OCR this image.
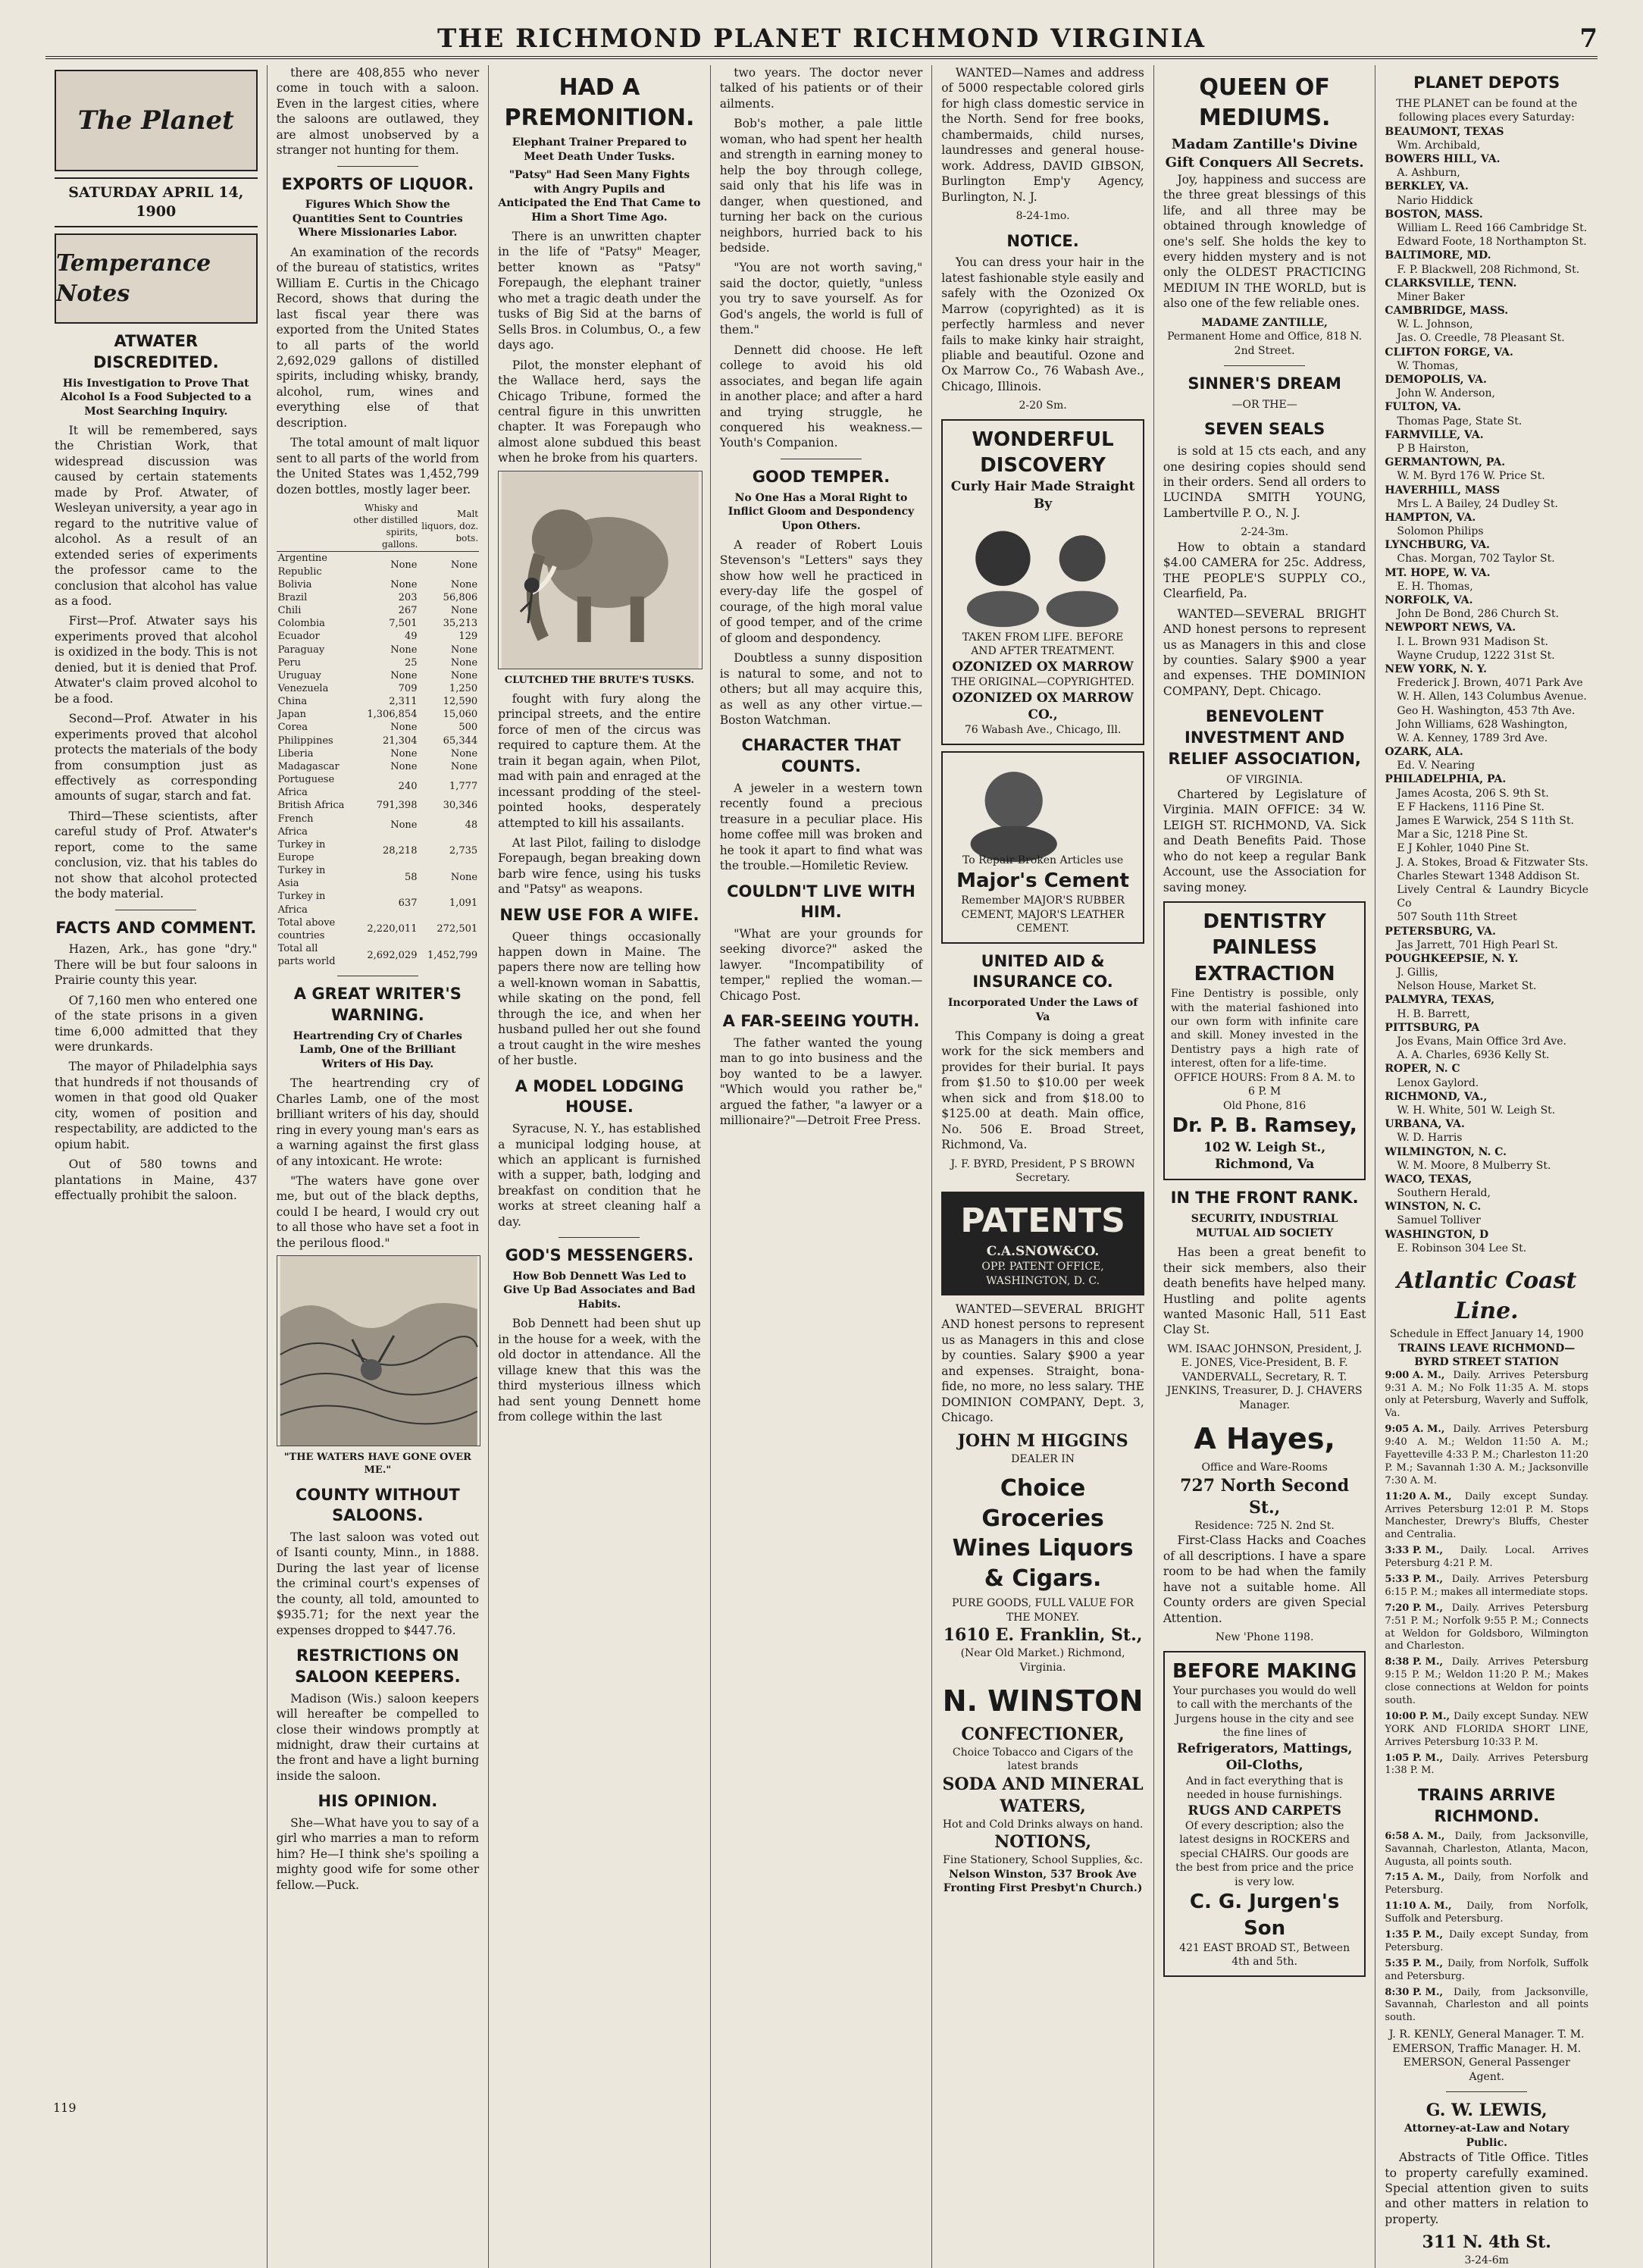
THE RICHMOND PLANET RICHMOND VIRGINIA	7
The Planet
SATURDAY APRIL 14, 1900
Temperance Notes
ATWATER DISCREDITED.
His Investigation to Prove That Alcohol Is a Food Subjected to a Most Searching Inquiry.

It will be remembered, says the Christian Work, that widespread discussion was caused by certain statements made by Prof. Atwater, of Wesleyan university, a year ago in regard to the nutritive value of alcohol. As a result of an extended series of experiments the professor came to the conclusion that alcohol has value as a food.

First—Prof. Atwater says his experiments proved that alcohol is oxidized in the body. This is not denied, but it is denied that Prof. Atwater's claim proved alcohol to be a food.

Second—Prof. Atwater in his experiments proved that alcohol protects the materials of the body from consumption just as effectively as corresponding amounts of sugar, starch and fat.

Third—These scientists, after careful study of Prof. Atwater's report, come to the same conclusion, viz. that his tables do not show that alcohol protected the body material.

FACTS AND COMMENT.

Hazen, Ark., has gone "dry." There will be but four saloons in Prairie county this year.

Of 7,160 men who entered one of the state prisons in a given time 6,000 admitted that they were drunkards.

The mayor of Philadelphia says that hundreds if not thousands of women in that good old Quaker city, women of position and respectability, are addicted to the opium habit.

Out of 580 towns and plantations in Maine, 437 effectually prohibit the saloon.

there are 408,855 who never come in touch with a saloon. Even in the largest cities, where the saloons are outlawed, they are almost unobserved by a stranger not hunting for them.

EXPORTS OF LIQUOR.
Figures Which Show the Quantities Sent to Countries Where Missionaries Labor.

An examination of the records of the bureau of statistics, writes William E. Curtis in the Chicago Record, shows that during the last fiscal year there was exported from the United States to all parts of the world 2,692,029 gallons of distilled spirits, including whisky, brandy, alcohol, rum, wines and everything else of that description.

The total amount of malt liquor sent to all parts of the world from the United States was 1,452,799 dozen bottles, mostly lager beer.

	Whisky and other distilled spirits, gallons.	Malt liquors, doz. bots.
Argentine Republic	None	None
Bolivia	None	None
Brazil	203	56,806
Chili	267	None
Colombia	7,501	35,213
Ecuador	49	129
Paraguay	None	None
Peru	25	None
Uruguay	None	None
Venezuela	709	1,250
China	2,311	12,590
Japan	1,306,854	15,060
Corea	None	500
Philippines	21,304	65,344
Liberia	None	None
Madagascar	None	None
Portuguese Africa	240	1,777
British Africa	791,398	30,346
French Africa	None	48
Turkey in Europe	28,218	2,735
Turkey in Asia	58	None
Turkey in Africa	637	1,091
Total above countries	2,220,011	272,501
Total all parts world	2,692,029	1,452,799
A GREAT WRITER'S WARNING.
Heartrending Cry of Charles Lamb, One of the Brilliant Writers of His Day.

The heartrending cry of Charles Lamb, one of the most brilliant writers of his day, should ring in every young man's ears as a warning against the first glass of any intoxicant. He wrote:

"The waters have gone over me, but out of the black depths, could I be heard, I would cry out to all those who have set a foot in the perilous flood."

"THE WATERS HAVE GONE OVER ME."
COUNTY WITHOUT SALOONS.

The last saloon was voted out of Isanti county, Minn., in 1888. During the last year of license the criminal court's expenses of the county, all told, amounted to $935.71; for the next year the expenses dropped to $447.76.

RESTRICTIONS ON SALOON KEEPERS.

Madison (Wis.) saloon keepers will hereafter be compelled to close their windows promptly at midnight, draw their curtains at the front and have a light burning inside the saloon.

HIS OPINION.

She—What have you to say of a girl who marries a man to reform him? He—I think she's spoiling a mighty good wife for some other fellow.—Puck.

HAD A PREMONITION.
Elephant Trainer Prepared to Meet Death Under Tusks.
"Patsy" Had Seen Many Fights with Angry Pupils and Anticipated the End That Came to Him a Short Time Ago.

There is an unwritten chapter in the life of "Patsy" Meager, better known as "Patsy" Forepaugh, the elephant trainer who met a tragic death under the tusks of Big Sid at the barns of Sells Bros. in Columbus, O., a few days ago.

Pilot, the monster elephant of the Wallace herd, says the Chicago Tribune, formed the central figure in this unwritten chapter. It was Forepaugh who almost alone subdued this beast when he broke from his quarters.

CLUTCHED THE BRUTE'S TUSKS.

fought with fury along the principal streets, and the entire force of men of the circus was required to capture them. At the train it began again, when Pilot, mad with pain and enraged at the incessant prodding of the steel-pointed hooks, desperately attempted to kill his assailants.

At last Pilot, failing to dislodge Forepaugh, began breaking down barb wire fence, using his tusks and "Patsy" as weapons.

NEW USE FOR A WIFE.

Queer things occasionally happen down in Maine. The papers there now are telling how a well-known woman in Sabattis, while skating on the pond, fell through the ice, and when her husband pulled her out she found a trout caught in the wire meshes of her bustle.

A MODEL LODGING HOUSE.

Syracuse, N. Y., has established a municipal lodging house, at which an applicant is furnished with a supper, bath, lodging and breakfast on condition that he works at street cleaning half a day.

GOD'S MESSENGERS.
How Bob Dennett Was Led to Give Up Bad Associates and Bad Habits.

Bob Dennett had been shut up in the house for a week, with the old doctor in attendance. All the village knew that this was the third mysterious illness which had sent young Dennett home from college within the last

two years. The doctor never talked of his patients or of their ailments.

Bob's mother, a pale little woman, who had spent her health and strength in earning money to help the boy through college, said only that his life was in danger, when questioned, and turning her back on the curious neighbors, hurried back to his bedside.

"You are not worth saving," said the doctor, quietly, "unless you try to save yourself. As for God's angels, the world is full of them."

Dennett did choose. He left college to avoid his old associates, and began life again in another place; and after a hard and trying struggle, he conquered his weakness.—Youth's Companion.

GOOD TEMPER.
No One Has a Moral Right to Inflict Gloom and Despondency Upon Others.

A reader of Robert Louis Stevenson's "Letters" says they show how well he practiced in every-day life the gospel of courage, of the high moral value of good temper, and of the crime of gloom and despondency.

Doubtless a sunny disposition is natural to some, and not to others; but all may acquire this, as well as any other virtue.—Boston Watchman.

CHARACTER THAT COUNTS.

A jeweler in a western town recently found a precious treasure in a peculiar place. His home coffee mill was broken and he took it apart to find what was the trouble.—Homiletic Review.

COULDN'T LIVE WITH HIM.

"What are your grounds for seeking divorce?" asked the lawyer. "Incompatibility of temper," replied the woman.—Chicago Post.

A FAR-SEEING YOUTH.

The father wanted the young man to go into business and the boy wanted to be a lawyer. "Which would you rather be," argued the father, "a lawyer or a millionaire?"—Detroit Free Press.

WANTED—Names and address of 5000 respectable colored girls for high class domestic service in the North. Send for free books, chambermaids, child nurses, laundresses and general house-work. Address, DAVID GIBSON, Burlington Emp'y Agency, Burlington, N. J.

8-24-1mo.
NOTICE.

You can dress your hair in the latest fashionable style easily and safely with the Ozonized Ox Marrow (copyrighted) as it is perfectly harmless and never fails to make kinky hair straight, pliable and beautiful. Ozone and Ox Marrow Co., 76 Wabash Ave., Chicago, Illinois.

2-20 Sm.
WONDERFUL DISCOVERY
Curly Hair Made Straight By
TAKEN FROM LIFE. BEFORE AND AFTER TREATMENT.
OZONIZED OX MARROW
THE ORIGINAL—COPYRIGHTED.
OZONIZED OX MARROW CO.,
76 Wabash Ave., Chicago, Ill.
To Repair Broken Articles use
Major's Cement
Remember MAJOR'S RUBBER CEMENT, MAJOR'S LEATHER CEMENT.
UNITED AID & INSURANCE CO.
Incorporated Under the Laws of Va

This Company is doing a great work for the sick members and provides for their burial. It pays from $1.50 to $10.00 per week when sick and from $18.00 to $125.00 at death. Main office, No. 506 E. Broad Street, Richmond, Va.

J. F. BYRD, President, P S BROWN Secretary.
PATENTS
C.A.SNOW&CO.
OPP. PATENT OFFICE, WASHINGTON, D. C.

WANTED—SEVERAL BRIGHT AND honest persons to represent us as Managers in this and close by counties. Salary $900 a year and expenses. Straight, bona-fide, no more, no less salary. THE DOMINION COMPANY, Dept. 3, Chicago.

JOHN M HIGGINS
DEALER IN
Choice Groceries Wines Liquors & Cigars.
PURE GOODS, FULL VALUE FOR THE MONEY.
1610 E. Franklin, St.,
(Near Old Market.) Richmond, Virginia.
N. WINSTON
CONFECTIONER,
Choice Tobacco and Cigars of the latest brands
SODA AND MINERAL WATERS,
Hot and Cold Drinks always on hand.
NOTIONS,
Fine Stationery, School Supplies, &c.
Nelson Winston, 537 Brook Ave Fronting First Presbyt'n Church.)
QUEEN OF MEDIUMS.
Madam Zantille's Divine Gift Conquers All Secrets.

Joy, happiness and success are the three great blessings of this life, and all three may be obtained through knowledge of one's self. She holds the key to every hidden mystery and is not only the OLDEST PRACTICING MEDIUM IN THE WORLD, but is also one of the few reliable ones.

MADAME ZANTILLE,
Permanent Home and Office, 818 N. 2nd Street.
SINNER'S DREAM
—OR THE—
SEVEN SEALS

is sold at 15 cts each, and any one desiring copies should send in their orders. Send all orders to LUCINDA SMITH YOUNG, Lambertville P. O., N. J.

2-24-3m.

How to obtain a standard $4.00 CAMERA for 25c. Address, THE PEOPLE'S SUPPLY CO., Clearfield, Pa.

WANTED—SEVERAL BRIGHT AND honest persons to represent us as Managers in this and close by counties. Salary $900 a year and expenses. THE DOMINION COMPANY, Dept. Chicago.

BENEVOLENT INVESTMENT AND RELIEF ASSOCIATION,
OF VIRGINIA.

Chartered by Legislature of Virginia. MAIN OFFICE: 34 W. LEIGH ST. RICHMOND, VA. Sick and Death Benefits Paid. Those who do not keep a regular Bank Account, use the Association for saving money.

DENTISTRY PAINLESS EXTRACTION
Fine Dentistry is possible, only with the material fashioned into our own form with infinite care and skill. Money invested in the Dentistry pays a high rate of interest, often for a life-time.
OFFICE HOURS: From 8 A. M. to 6 P. M
Old Phone, 816
Dr. P. B. Ramsey,
102 W. Leigh St., Richmond, Va
IN THE FRONT RANK.
SECURITY, INDUSTRIAL MUTUAL AID SOCIETY

Has been a great benefit to their sick members, also their death benefits have helped many. Hustling and polite agents wanted Masonic Hall, 511 East Clay St.

WM. ISAAC JOHNSON, President, J. E. JONES, Vice-President, B. F. VANDERVALL, Secretary, R. T. JENKINS, Treasurer, D. J. CHAVERS Manager.
A Hayes,
Office and Ware-Rooms
727 North Second St.,
Residence: 725 N. 2nd St.

First-Class Hacks and Coaches of all descriptions. I have a spare room to be had when the family have not a suitable home. All County orders are given Special Attention.

New 'Phone 1198.
BEFORE MAKING
Your purchases you would do well to call with the merchants of the Jurgens house in the city and see the fine lines of
Refrigerators, Mattings, Oil-Cloths,
And in fact everything that is needed in house furnishings.
RUGS AND CARPETS
Of every description; also the latest designs in ROCKERS and special CHAIRS. Our goods are the best from price and the price is very low.
C. G. Jurgen's Son
421 EAST BROAD ST., Between 4th and 5th.
PLANET DEPOTS
THE PLANET can be found at the following places every Saturday:
BEAUMONT, TEXAS
Wm. Archibald,
BOWERS HILL, VA.
A. Ashburn,
BERKLEY, VA.
Nario Hiddick
BOSTON, MASS.
William L. Reed 166 Cambridge St.
Edward Foote, 18 Northampton St.
BALTIMORE, MD.
F. P. Blackwell, 208 Richmond, St.
CLARKSVILLE, TENN.
Miner Baker
CAMBRIDGE, MASS.
W. L. Johnson,
Jas. O. Creedle, 78 Pleasant St.
CLIFTON FORGE, VA.
W. Thomas,
DEMOPOLIS, VA.
John W. Anderson,
FULTON, VA.
Thomas Page, State St.
FARMVILLE, VA.
P B Hairston,
GERMANTOWN, PA.
W. M. Byrd 176 W. Price St.
HAVERHILL, MASS
Mrs L. A Bailey, 24 Dudley St.
HAMPTON, VA.
Solomon Philips
LYNCHBURG, VA.
Chas. Morgan, 702 Taylor St.
MT. HOPE, W. VA.
E. H. Thomas,
NORFOLK, VA.
John De Bond, 286 Church St.
NEWPORT NEWS, VA.
I. L. Brown 931 Madison St.
Wayne Crudup, 1222 31st St.
NEW YORK, N. Y.
Frederick J. Brown, 4071 Park Ave
W. H. Allen, 143 Columbus Avenue.
Geo H. Washington, 453 7th Ave.
John Williams, 628 Washington,
W. A. Kenney, 1789 3rd Ave.
OZARK, ALA.
Ed. V. Nearing
PHILADELPHIA, PA.
James Acosta, 206 S. 9th St.
E F Hackens, 1116 Pine St.
James E Warwick, 254 S 11th St.
Mar a Sic, 1218 Pine St.
E J Kohler, 1040 Pine St.
J. A. Stokes, Broad & Fitzwater Sts.
Charles Stewart 1348 Addison St.
Lively Central & Laundry Bicycle Co
507 South 11th Street
PETERSBURG, VA.
Jas Jarrett, 701 High Pearl St.
POUGHKEEPSIE, N. Y.
J. Gillis,
Nelson House, Market St.
PALMYRA, TEXAS,
H. B. Barrett,
PITTSBURG, PA
Jos Evans, Main Office 3rd Ave.
A. A. Charles, 6936 Kelly St.
ROPER, N. C
Lenox Gaylord.
RICHMOND, VA.,
W. H. White, 501 W. Leigh St.
URBANA, VA.
W. D. Harris
WILMINGTON, N. C.
W. M. Moore, 8 Mulberry St.
WACO, TEXAS,
Southern Herald,
WINSTON, N. C.
Samuel Tolliver
WASHINGTON, D
E. Robinson 304 Lee St.
Atlantic Coast Line.
Schedule in Effect January 14, 1900
TRAINS LEAVE RICHMOND—BYRD STREET STATION
9:00 A. M., Daily. Arrives Petersburg 9:31 A. M.; No Folk 11:35 A. M. stops only at Petersburg, Waverly and Suffolk, Va.
9:05 A. M., Daily. Arrives Petersburg 9:40 A. M.; Weldon 11:50 A. M.; Fayetteville 4:33 P. M.; Charleston 11:20 P. M.; Savannah 1:30 A. M.; Jacksonville 7:30 A. M.
11:20 A. M., Daily except Sunday. Arrives Petersburg 12:01 P. M. Stops Manchester, Drewry's Bluffs, Chester and Centralia.
3:33 P. M., Daily. Local. Arrives Petersburg 4:21 P. M.
5:33 P. M., Daily. Arrives Petersburg 6:15 P. M.; makes all intermediate stops.
7:20 P. M., Daily. Arrives Petersburg 7:51 P. M.; Norfolk 9:55 P. M.; Connects at Weldon for Goldsboro, Wilmington and Charleston.
8:38 P. M., Daily. Arrives Petersburg 9:15 P. M.; Weldon 11:20 P. M.; Makes close connections at Weldon for points south.
10:00 P. M., Daily except Sunday. NEW YORK AND FLORIDA SHORT LINE, Arrives Petersburg 10:33 P. M.
1:05 P. M., Daily. Arrives Petersburg 1:38 P. M.
TRAINS ARRIVE RICHMOND.
6:58 A. M., Daily, from Jacksonville, Savannah, Charleston, Atlanta, Macon, Augusta, all points south.
7:15 A. M., Daily, from Norfolk and Petersburg.
11:10 A. M., Daily, from Norfolk, Suffolk and Petersburg.
1:35 P. M., Daily except Sunday, from Petersburg.
5:35 P. M., Daily, from Norfolk, Suffolk and Petersburg.
8:30 P. M., Daily, from Jacksonville, Savannah, Charleston and all points south.
J. R. KENLY, General Manager. T. M. EMERSON, Traffic Manager. H. M. EMERSON, General Passenger Agent.
G. W. LEWIS,
Attorney-at-Law and Notary Public.

Abstracts of Title Office. Titles to property carefully examined. Special attention given to suits and other matters in relation to property.

311 N. 4th St.
3-24-6m
119
